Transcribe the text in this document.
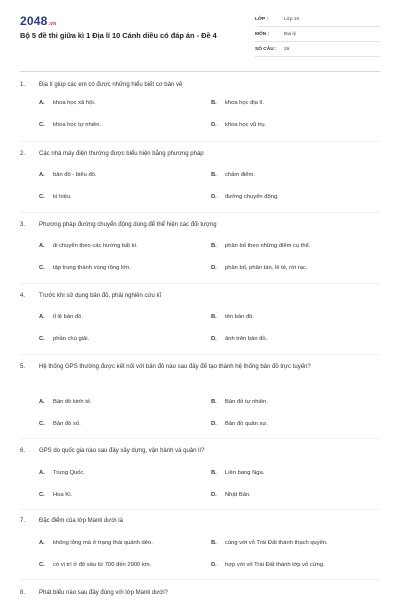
2048.vn
Bộ 5 đề thi giữa kì 1 Địa lí 10 Cánh diều có đáp án - Đề 4
LỚP :	Lớp 10
MÔN :	Địa lý
SỐ CÂU : 26
1. Địa lí giúp các em có được những hiểu biết cơ bản về
A. khoa học xã hội.	B. khoa học địa lí.
C. khoa học tự nhiên.	D. khoa học vũ trụ.
2. Các nhà máy điện thường được biểu hiện bằng phương pháp
A. bản đồ - biểu đồ.	B. chấm điểm.
C. kí hiệu.	D. đường chuyển động.
3. Phương pháp đường chuyển động dùng để thể hiện các đối tượng
A. di chuyển theo các hướng bất kì.	B. phân bố theo những điểm cụ thể.
C. tập trung thành vùng rộng lớn.	D. phân bố, phân tán, lẻ tẻ, rời rạc.
4. Trước khi sử dụng bản đồ, phải nghiên cứu kĩ
A. tỉ lệ bản đồ.	B. tên bản đồ.
C. phần chú giải.	D. ảnh trên bản đồ.
5. Hệ thống GPS thường được kết nối với bản đồ nào sau đây để tạo thành hệ thống bản đồ trực tuyến?
A. Bản đồ kinh tế.	B. Bản đồ tự nhiên.
C. Bản đồ số.	D. Bản đồ quân sự.
6. GPS do quốc gia nào sau đây xây dựng, vận hành và quản lí?
A. Trung Quốc.	B. Liên bang Nga.
C. Hoa Kì.	D. Nhật Bản.
7. Đặc điểm của lớp Manti dưới là
A. không lỏng mà ở trạng thái quánh dẻo.	B. cùng với vỏ Trái Đất thành thạch quyển.
C. có vị trí ở độ sâu từ 700 đến 2900 km.	D. hợp với vỏ Trái Đất thành lớp vỏ cứng.
8. Phát biểu nào sau đây đúng với lớp Manti dưới?
